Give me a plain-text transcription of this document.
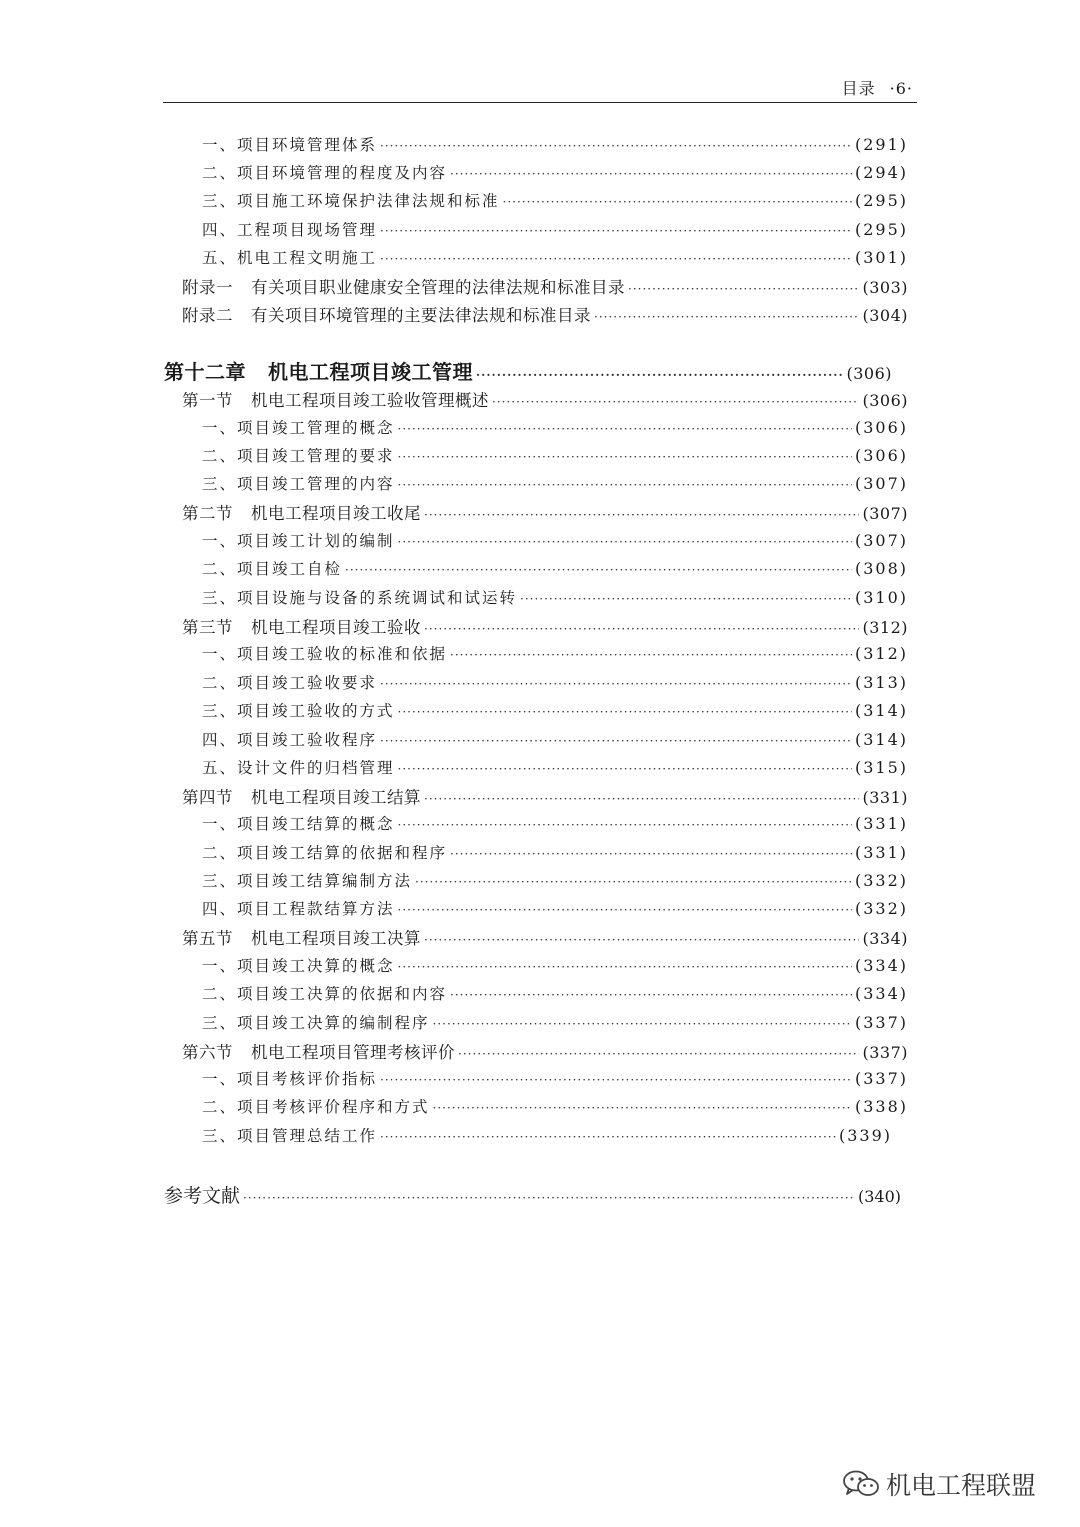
目录 ·6·
一、项目环境管理体系 ·····	(291)
二、项目环境管理的程度及内容 ·····	(294)
三、项目施工环境保护法律法规和标准 ·····	(295)
四、工程项目现场管理 ·····	(295)
五、机电工程文明施工 ·····	(301)
附录一 有关项目职业健康安全管理的法律法规和标准目录 ·····	(303)
附录二 有关项目环境管理的主要法律法规和标准目录 ·····	(304)
第十二章 机电工程项目竣工管理 ·····	(306)
第一节 机电工程项目竣工验收管理概述 ·····	(306)
一、项目竣工管理的概念 ·····	(306)
二、项目竣工管理的要求 ·····	(306)
三、项目竣工管理的内容 ·····	(307)
第二节 机电工程项目竣工收尾 ·····	(307)
一、项目竣工计划的编制 ·····	(307)
二、项目竣工自检 ·····	(308)
三、项目设施与设备的系统调试和试运转 ·····	(310)
第三节 机电工程项目竣工验收 ·····	(312)
一、项目竣工验收的标准和依据 ·····	(312)
二、项目竣工验收要求 ·····	(313)
三、项目竣工验收的方式 ·····	(314)
四、项目竣工验收程序 ·····	(314)
五、设计文件的归档管理 ·····	(315)
第四节 机电工程项目竣工结算 ·····	(331)
一、项目竣工结算的概念 ·····	(331)
二、项目竣工结算的依据和程序 ·····	(331)
三、项目竣工结算编制方法 ·····	(332)
四、项目工程款结算方法 ·····	(332)
第五节 机电工程项目竣工决算 ·····	(334)
一、项目竣工决算的概念 ·····	(334)
二、项目竣工决算的依据和内容 ·····	(334)
三、项目竣工决算的编制程序 ·····	(337)
第六节 机电工程项目管理考核评价 ·····	(337)
一、项目考核评价指标 ·····	(337)
二、项目考核评价程序和方式 ·····	(338)
三、项目管理总结工作 ·····	(339)
参考文献 ·····	(340)
机电工程联盟
